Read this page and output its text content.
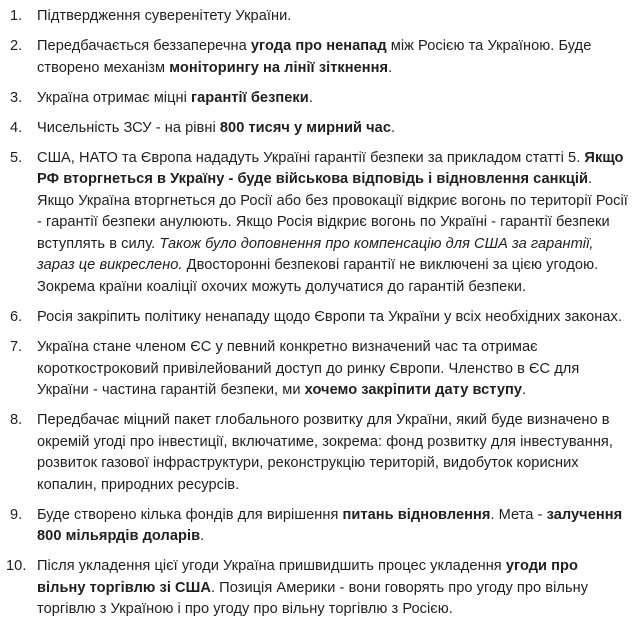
1.	Підтвердження суверенітету України.
2.	Передбачається беззаперечна угода про ненапад між Росією та Україною. Буде створено механізм моніторингу на лінії зіткнення.
3.	Україна отримає міцні гарантії безпеки.
4.	Чисельність ЗСУ - на рівні 800 тисяч у мирний час.
5.	США, НАТО та Європа нададуть Україні гарантії безпеки за прикладом статті 5. Якщо РФ вторгнеться в Україну - буде військова відповідь і відновлення санкцій. Якщо Україна вторгнеться до Росії або без провокації відкриє вогонь по території Росії - гарантії безпеки анулюють. Якщо Росія відкриє вогонь по Україні - гарантії безпеки вступлять в силу. Також було доповнення про компенсацію для США за гарантії, зараз це викреслено. Двосторонні безпекові гарантії не виключені за цією угодою. Зокрема країни коаліції охочих можуть долучатися до гарантій безпеки.
6.	Росія закріпить політику ненападу щодо Європи та України у всіх необхідних законах.
7.	Україна стане членом ЄС у певний конкретно визначений час та отримає короткостроковий привілейований доступ до ринку Європи. Членство в ЄС для України - частина гарантій безпеки, ми хочемо закріпити дату вступу.
8.	Передбачає міцний пакет глобального розвитку для України, який буде визначено в окремій угоді про інвестиції, включатиме, зокрема: фонд розвитку для інвестування, розвиток газової інфраструктури, реконструкцію територій, видобуток корисних копалин, природних ресурсів.
9.	Буде створено кілька фондів для вирішення питань відновлення. Мета - залучення 800 мільярдів доларів.
10. Після укладення цієї угоди Україна пришвидшить процес укладення угоди про вільну торгівлю зі США. Позиція Америки - вони говорять про угоду про вільну торгівлю з Україною і про угоду про вільну торгівлю з Росією.
